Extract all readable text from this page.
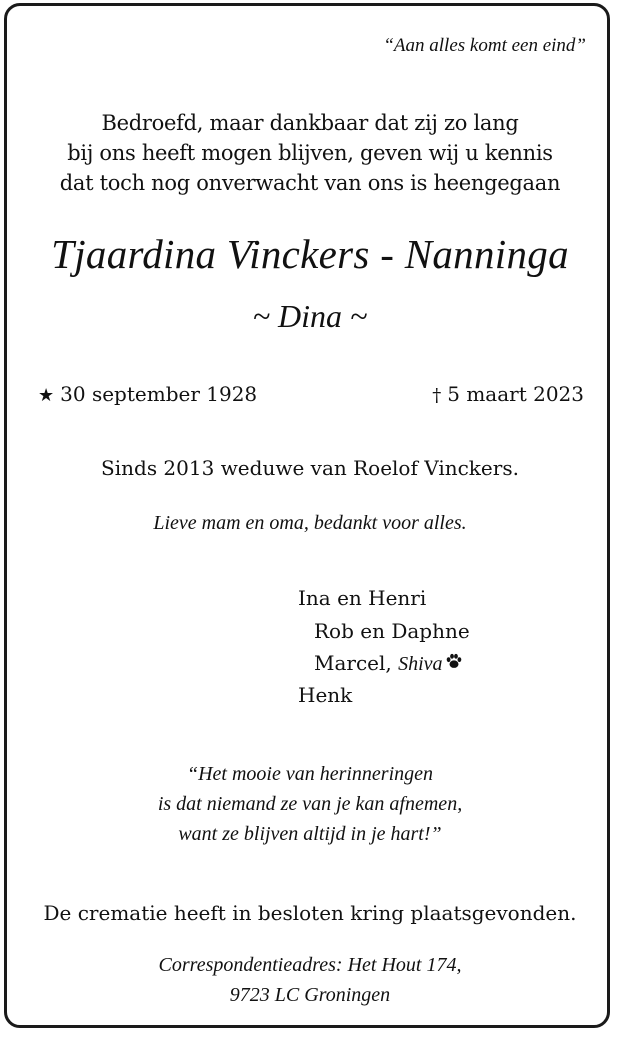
“Aan alles komt een eind”
Bedroefd, maar dankbaar dat zij zo lang
bij ons heeft mogen blijven, geven wij u kennis
dat toch nog onverwacht van ons is heengegaan
Tjaardina Vinckers - Nanninga
~ Dina ~
★ 30 september 1928	† 5 maart 2023
Sinds 2013 weduwe van Roelof Vinckers.
Lieve mam en oma, bedankt voor alles.
Ina en Henri
Rob en Daphne
Marcel, Shiva
Henk
“Het mooie van herinneringen
is dat niemand ze van je kan afnemen,
want ze blijven altijd in je hart!”
De crematie heeft in besloten kring plaatsgevonden.
Correspondentieadres: Het Hout 174,
9723 LC Groningen
